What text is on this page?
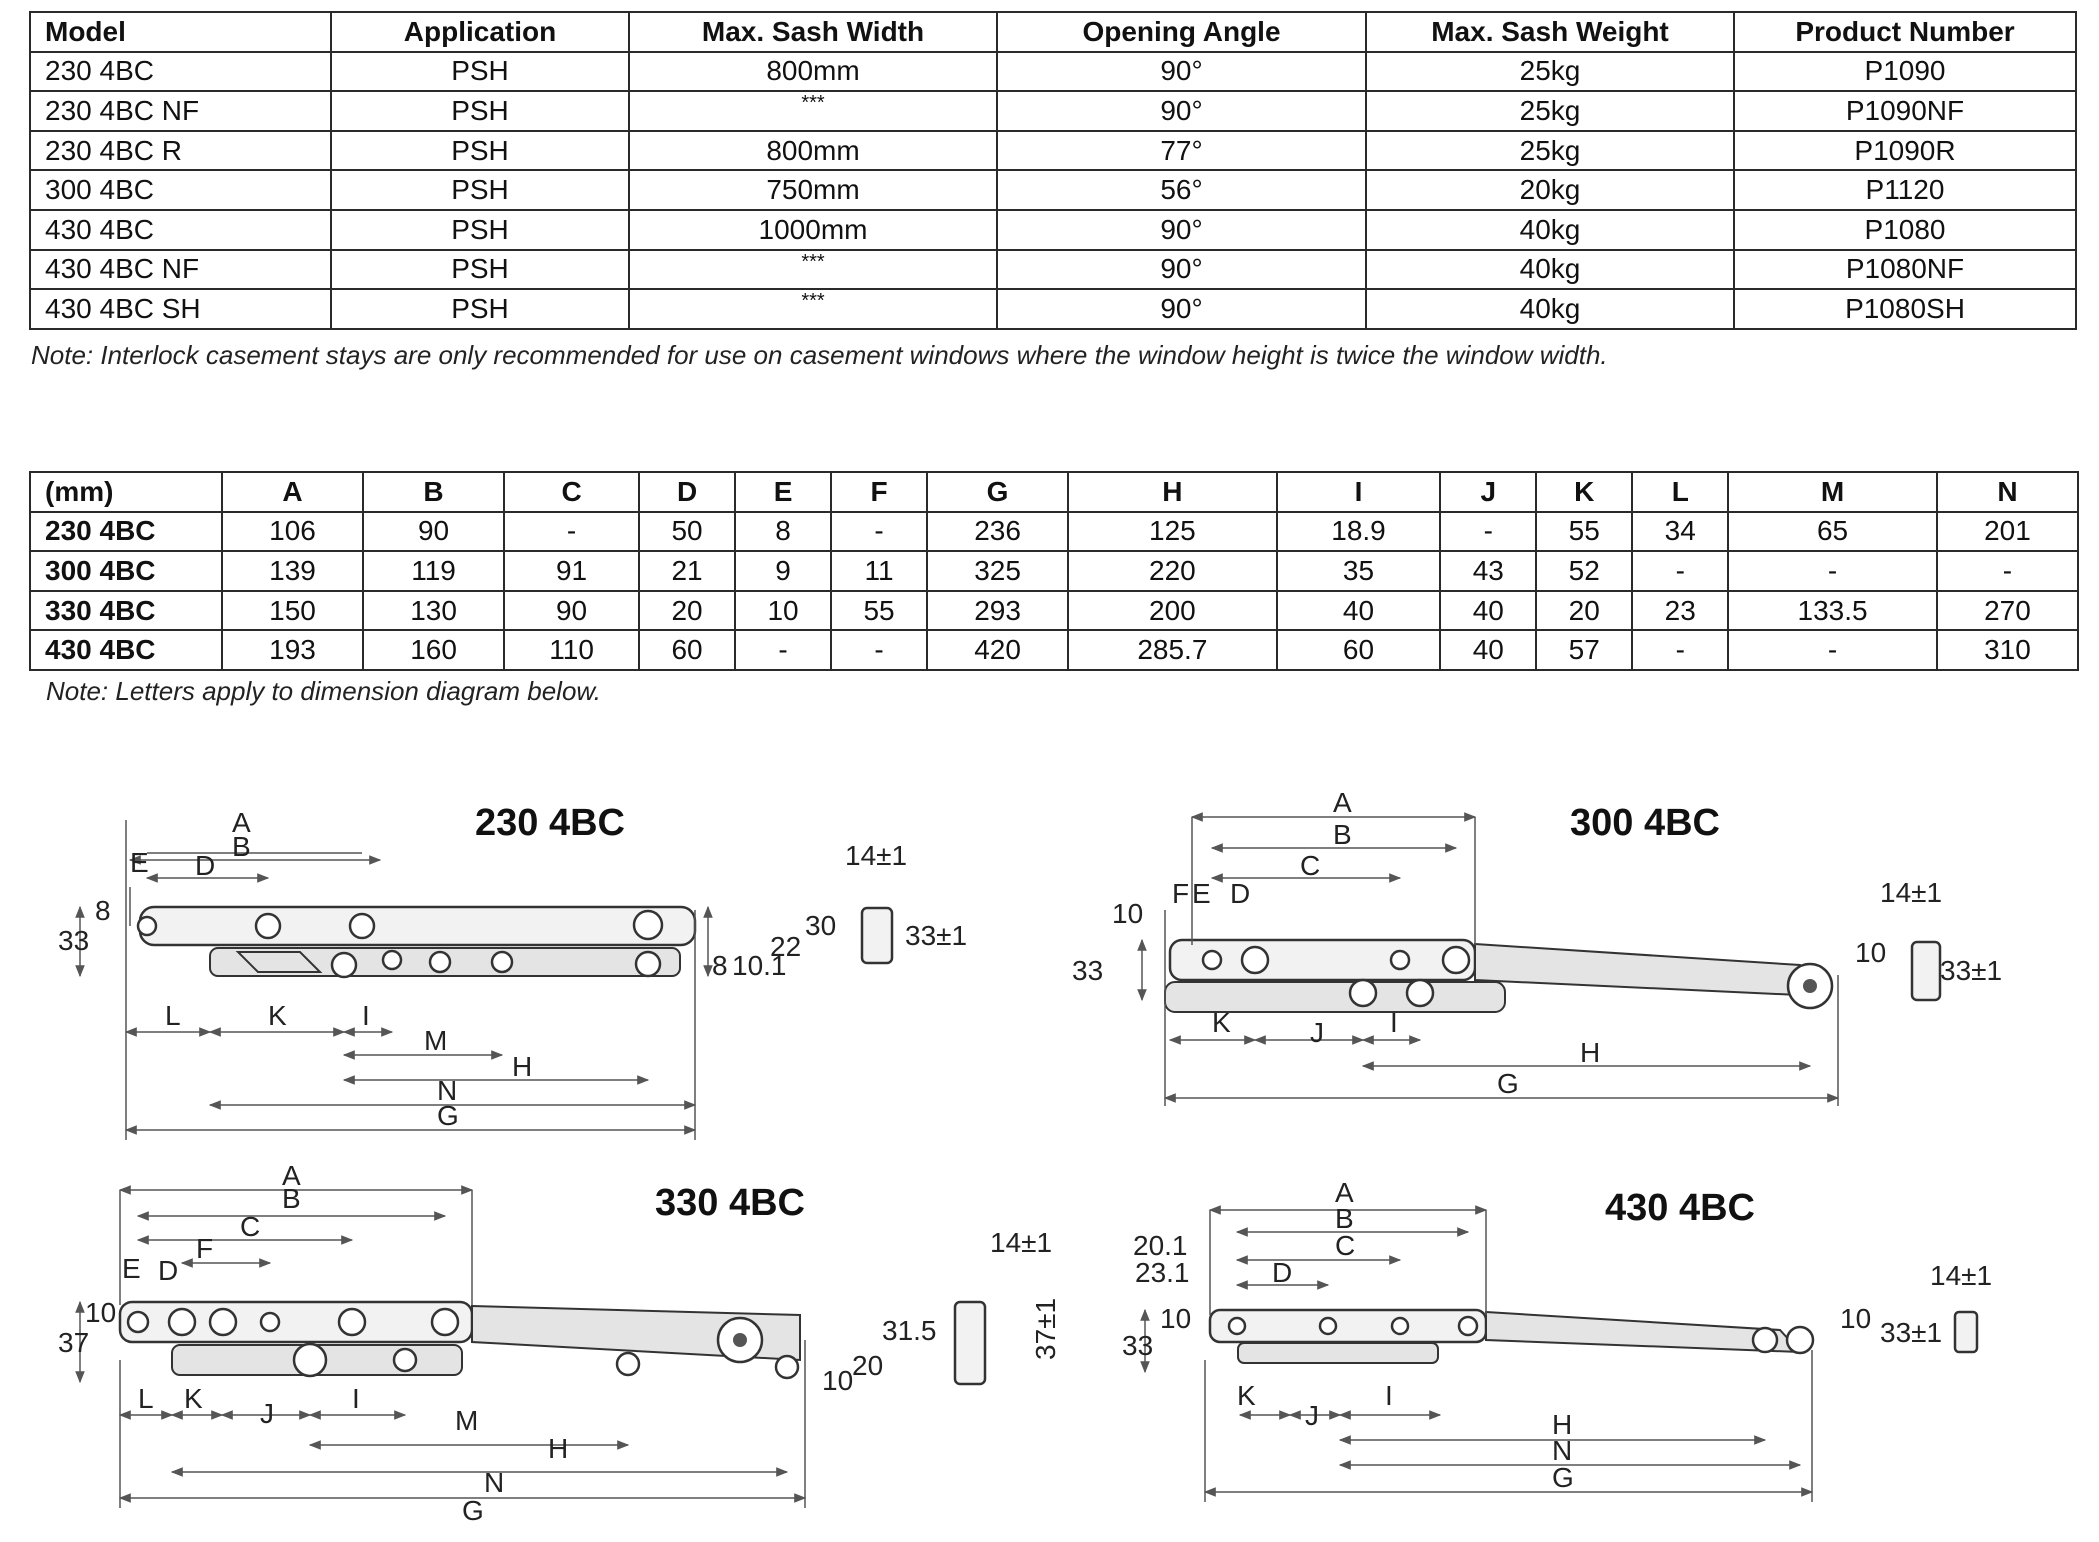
Model	Application	Max. Sash Width	Opening Angle	Max. Sash Weight	Product Number
230 4BC	PSH	800mm	90°	25kg	P1090
230 4BC NF	PSH	***	90°	25kg	P1090NF
230 4BC R	PSH	800mm	77°	25kg	P1090R
300 4BC	PSH	750mm	56°	20kg	P1120
430 4BC	PSH	1000mm	90°	40kg	P1080
430 4BC NF	PSH	***	90°	40kg	P1080NF
430 4BC SH	PSH	***	90°	40kg	P1080SH
Note: Interlock casement stays are only recommended for use on casement windows where the window height is twice the window width.
(mm)	A	B	C	D	E	F	G	H	I	J	K	L	M	N
230 4BC	106	90	-	50	8	-	236	125	18.9	-	55	34	65	201
300 4BC	139	119	91	21	9	11	325	220	35	43	52	-	-	-
330 4BC	150	130	90	20	10	55	293	200	40	40	20	23	133.5	270
430 4BC	193	160	110	60	-	-	420	285.7	60	40	57	-	-	310
Note: Letters apply to dimension diagram below.
230 4BC
A
B
E D
8
33	30
22
8 10.1
L	K	I
M
H
N
G
14±1
33±1
300 4BC
A
B
C
F E D
10
33
10
K	J I
H
G
14±1
33±1
330 4BC
A
B
C
F
E D
10
37	31.5
20
10
L K J	I
M
H
N
G
14±1
37±1
430 4BC
A
B
C
20.1
23.1	D
10
33
10
K
J
I
H
N
G
14±1
33±1
